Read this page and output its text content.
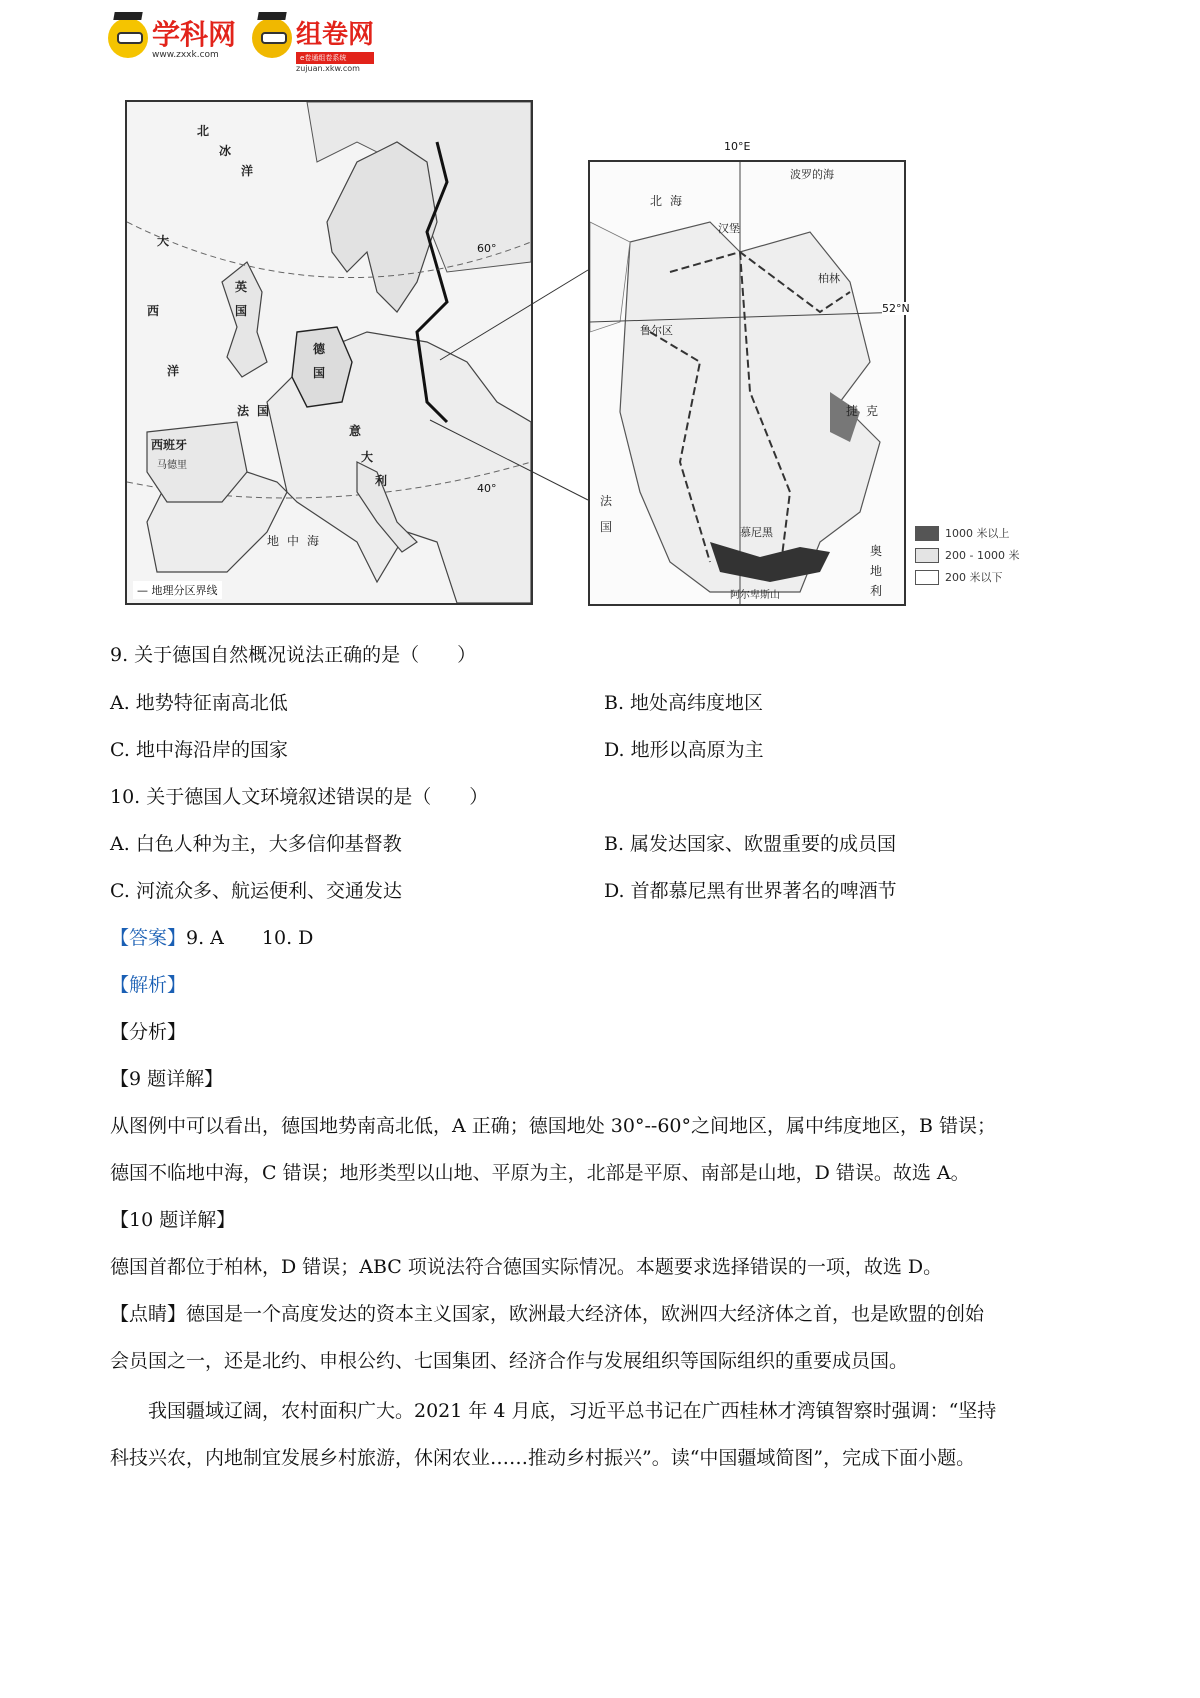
学科网
www.zxxk.com
组卷网
e卷通组卷系统
zujuan.xkw.com
德
国
英
国
法 国
西班牙
马德里
意
大
利
北
冰
洋
大
西
洋
地 中 海
60°
40°
— 地理分区界线
10°E
52°N
北 海
波罗的海
汉堡
柏林
鲁尔区
法
国	慕尼黑
阿尔卑斯山
捷 克
奥
地
利
1000 米以上
200 - 1000 米
200 米以下
9. 关于德国自然概况说法正确的是（　　）
A. 地势特征南高北低	B. 地处高纬度地区
C. 地中海沿岸的国家	D. 地形以高原为主
10. 关于德国人文环境叙述错误的是（　　）
A. 白色人种为主，大多信仰基督教	B. 属发达国家、欧盟重要的成员国
C. 河流众多、航运便利、交通发达	D. 首都慕尼黑有世界著名的啤酒节
【答案】9. A　　10. D
【解析】
【分析】
【9 题详解】
从图例中可以看出，德国地势南高北低，A 正确；德国地处 30°--60°之间地区，属中纬度地区，B 错误；
德国不临地中海，C 错误；地形类型以山地、平原为主，北部是平原、南部是山地，D 错误。故选 A。
【10 题详解】
德国首都位于柏林，D 错误；ABC 项说法符合德国实际情况。本题要求选择错误的一项，故选 D。
【点睛】德国是一个高度发达的资本主义国家，欧洲最大经济体，欧洲四大经济体之首，也是欧盟的创始
会员国之一，还是北约、申根公约、七国集团、经济合作与发展组织等国际组织的重要成员国。
　　我国疆域辽阔，农村面积广大。2021 年 4 月底，习近平总书记在广西桂林才湾镇智察时强调：“坚持
科技兴农，内地制宜发展乡村旅游，休闲农业……推动乡村振兴”。读“中国疆域简图”，完成下面小题。
